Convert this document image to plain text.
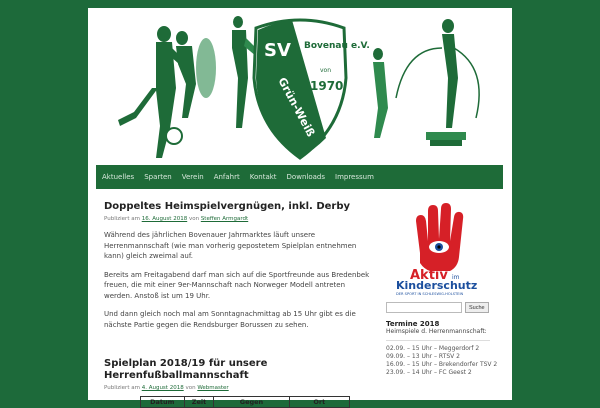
SV
Grün-Weiß
Bovenau e.V.
von
1970
Aktuelles Sparten Verein Anfahrt Kontakt Downloads Impressum
Doppeltes Heimspielvergnügen, inkl. Derby
Publiziert am 16. August 2018 von Steffen Armgardt

Während des jährlichen Bovenauer Jahrmarktes läuft unsere Herrenmannschaft (wie man vorherig gepostetem Spielplan entnehmen kann) gleich zweimal auf.

Bereits am Freitagabend darf man sich auf die Sportfreunde aus Bredenbek freuen, die mit einer 9er-Mannschaft nach Norweger Modell antreten werden. Anstoß ist um 19 Uhr.

Und dann gleich noch mal am Sonntagnachmittag ab 15 Uhr gibt es die nächste Partie gegen die Rendsburger Borussen zu sehen.

Spielplan 2018/19 für unsere Herrenfußballmannschaft
Publiziert am 4. August 2018 von Webmaster
Datum	Zeit	Gegen	Ort
Aktiv im
Kinderschutz
DER SPORT IN SCHLESWIG-HOLSTEIN
Suche
Termine 2018
Heimspiele d. Herrenmannschaft:
02.09. – 15 Uhr – Meggerdorf 2
09.09. – 13 Uhr – RTSV 2
16.09. – 15 Uhr – Brekendorfer TSV 2
23.09. – 14 Uhr – FC Geest 2
